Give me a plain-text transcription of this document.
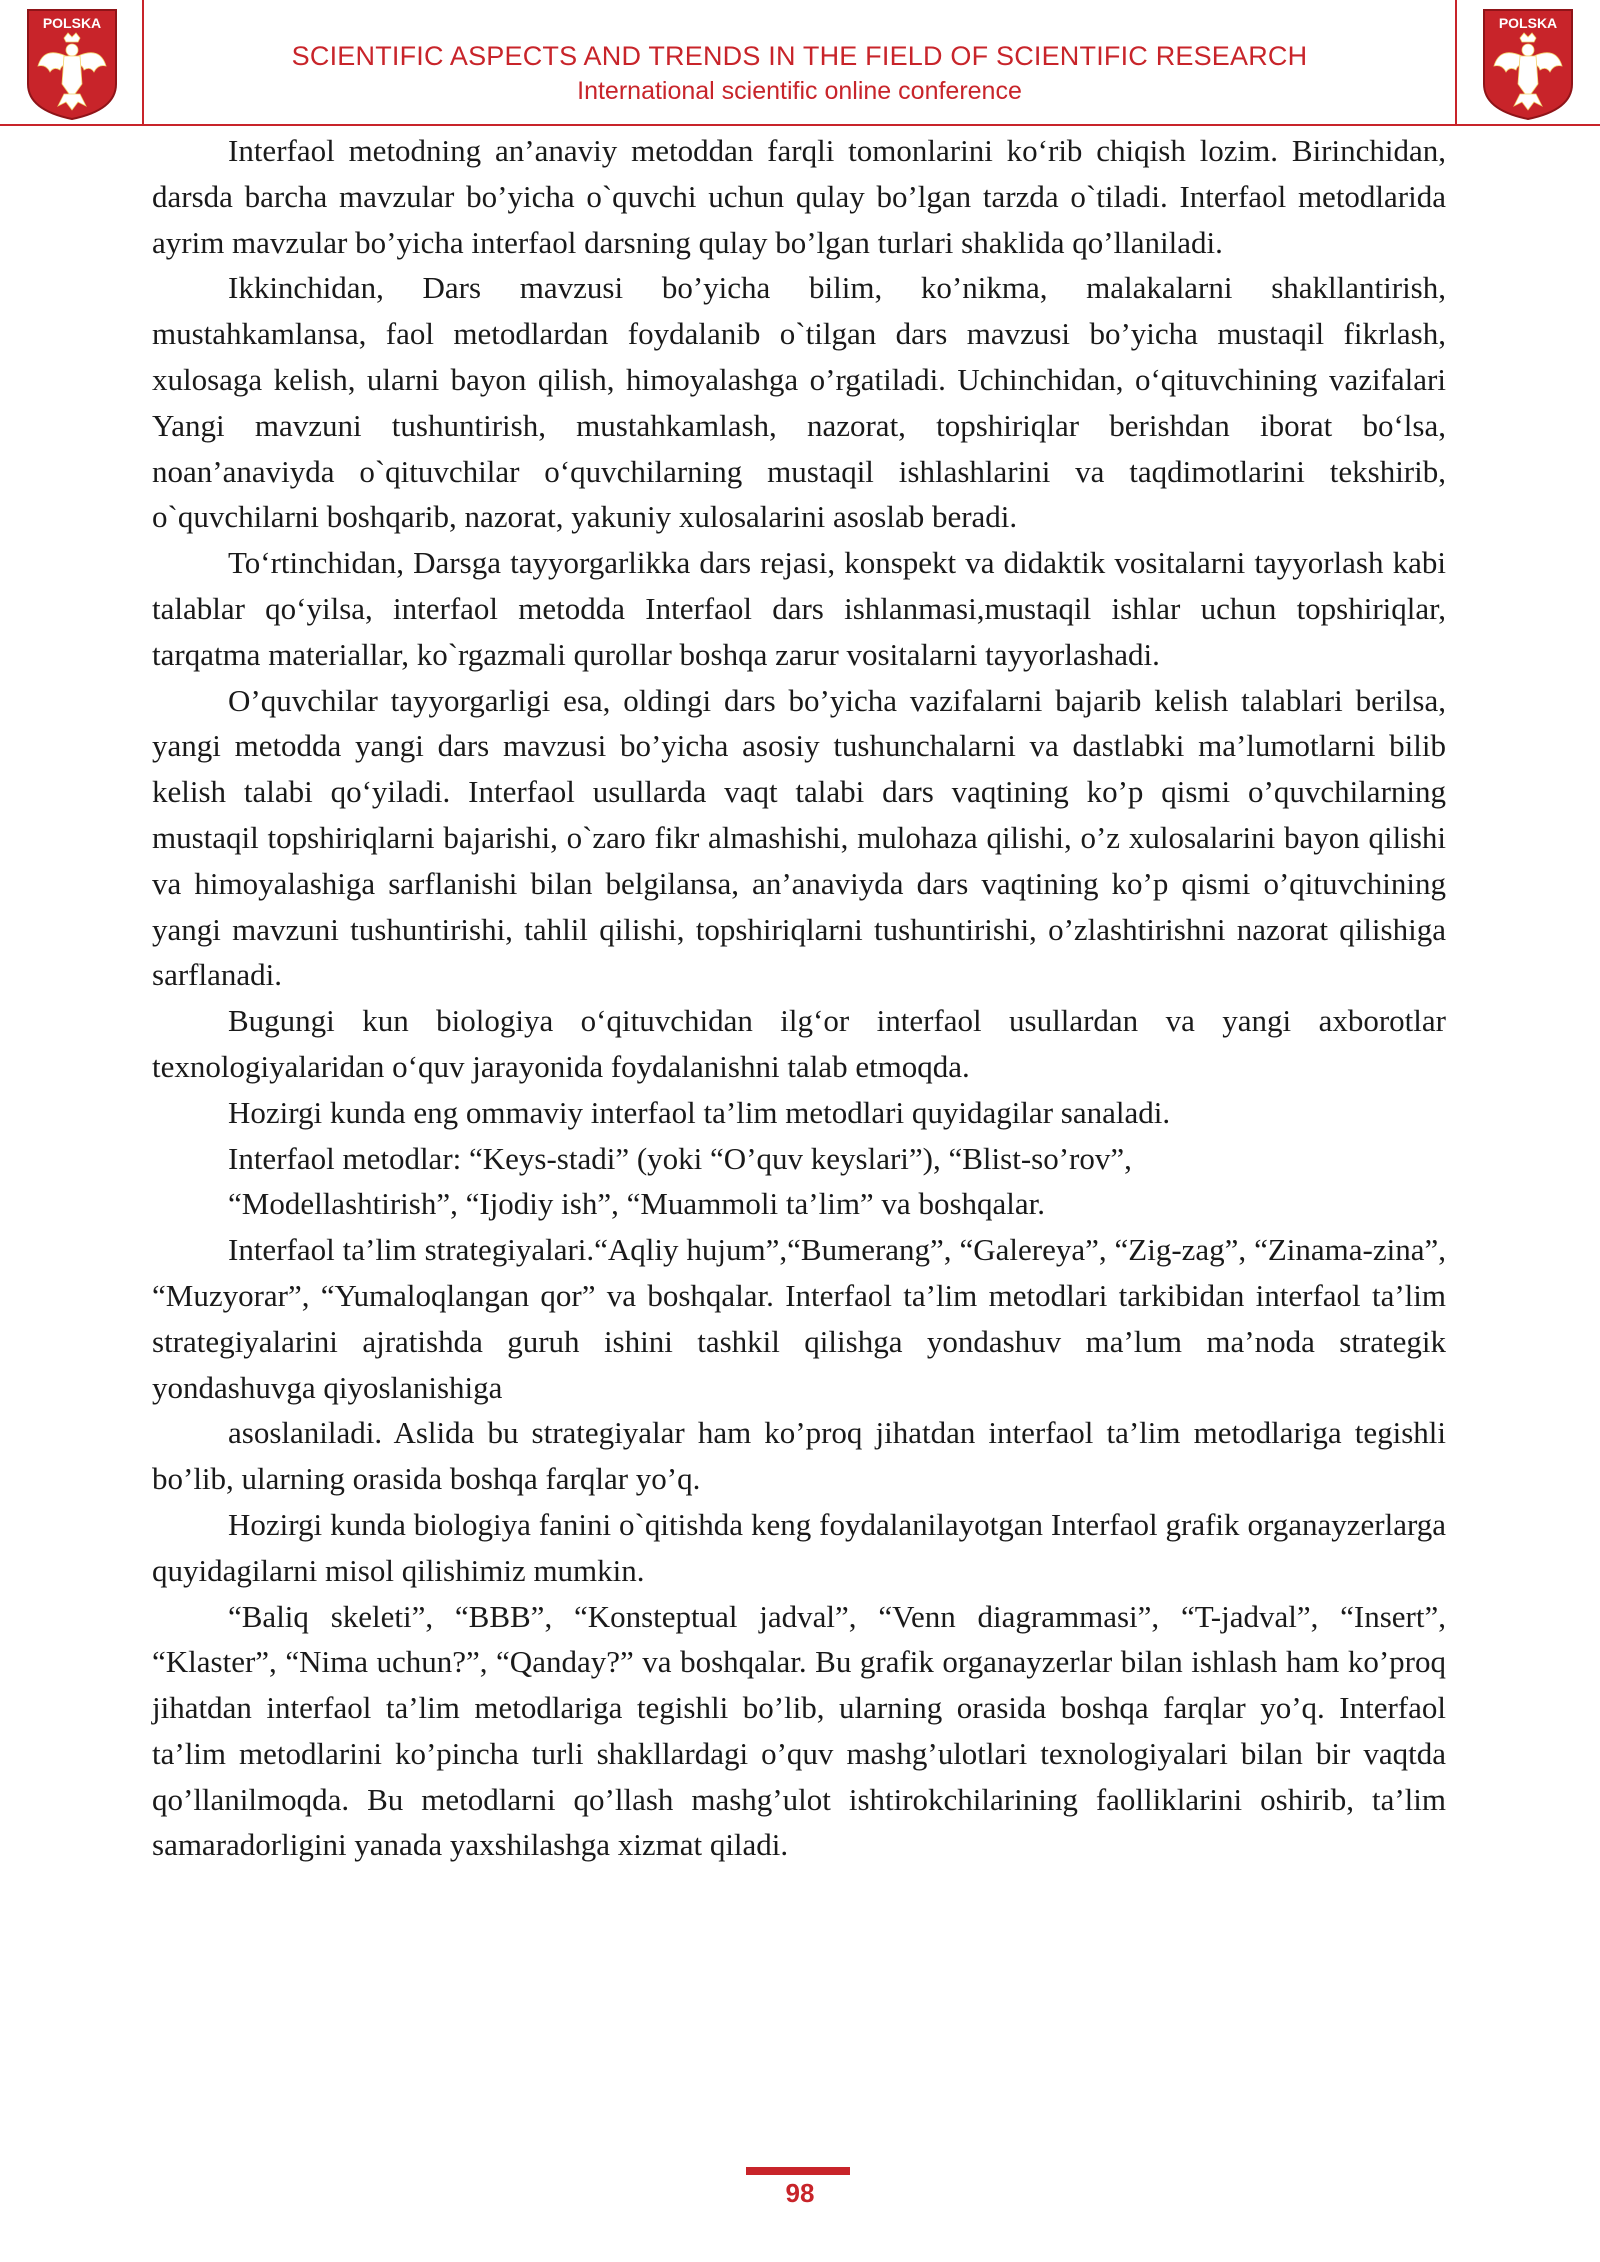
POLSKA
SCIENTIFIC ASPECTS AND TRENDS IN THE FIELD OF SCIENTIFIC RESEARCH
International scientific online conference
POLSKA

Interfaol metodning an’anaviy metoddan farqli tomonlarini ko‘rib chiqish lozim. Birinchidan, darsda barcha mavzular bo’yicha o`quvchi uchun qulay bo’lgan tarzda o`tiladi. Interfaol metodlarida ayrim mavzular bo’yicha interfaol darsning qulay bo’lgan turlari shaklida qo’llaniladi.

Ikkinchidan, Dars mavzusi bo’yicha bilim, ko’nikma, malakalarni shakllantirish, mustahkamlansa, faol metodlardan foydalanib o`tilgan dars mavzusi bo’yicha mustaqil fikrlash, xulosaga kelish, ularni bayon qilish, himoyalashga o’rgatiladi. Uchinchidan, o‘qituvchining vazifalari Yangi mavzuni tushuntirish, mustahkamlash, nazorat, topshiriqlar berishdan iborat bo‘lsa, noan’anaviyda o`qituvchilar o‘quvchilarning mustaqil ishlashlarini va taqdimotlarini tekshirib, o`quvchilarni boshqarib, nazorat, yakuniy xulosalarini asoslab beradi.

To‘rtinchidan, Darsga tayyorgarlikka dars rejasi, konspekt va didaktik vositalarni tayyorlash kabi talablar qo‘yilsa, interfaol metodda Interfaol dars ishlanmasi,mustaqil ishlar uchun topshiriqlar, tarqatma materiallar, ko`rgazmali qurollar boshqa zarur vositalarni tayyorlashadi.

O’quvchilar tayyorgarligi esa, oldingi dars bo’yicha vazifalarni bajarib kelish talablari berilsa, yangi metodda yangi dars mavzusi bo’yicha asosiy tushunchalarni va dastlabki ma’lumotlarni bilib kelish talabi qo‘yiladi. Interfaol usullarda vaqt talabi dars vaqtining ko’p qismi o’quvchilarning mustaqil topshiriqlarni bajarishi, o`zaro fikr almashishi, mulohaza qilishi, o’z xulosalarini bayon qilishi va himoyalashiga sarflanishi bilan belgilansa, an’anaviyda dars vaqtining ko’p qismi o’qituvchining yangi mavzuni tushuntirishi, tahlil qilishi, topshiriqlarni tushuntirishi, o’zlashtirishni nazorat qilishiga sarflanadi.

Bugungi kun biologiya o‘qituvchidan ilg‘or interfaol usullardan va yangi axborotlar texnologiyalaridan o‘quv jarayonida foydalanishni talab etmoqda.

Hozirgi kunda eng ommaviy interfaol ta’lim metodlari quyidagilar sanaladi.

Interfaol metodlar: “Keys-stadi” (yoki “O’quv keyslari”), “Blist-so’rov”,

“Modellashtirish”, “Ijodiy ish”, “Muammoli ta’lim” va boshqalar.

Interfaol ta’lim strategiyalari.“Aqliy hujum”,“Bumerang”, “Galereya”, “Zig-zag”, “Zinama-zina”, “Muzyorar”, “Yumaloqlangan qor” va boshqalar. Interfaol ta’lim metodlari tarkibidan interfaol ta’lim strategiyalarini ajratishda guruh ishini tashkil qilishga yondashuv ma’lum ma’noda strategik yondashuvga qiyoslanishiga

asoslaniladi. Aslida bu strategiyalar ham ko’proq jihatdan interfaol ta’lim metodlariga tegishli bo’lib, ularning orasida boshqa farqlar yo’q.

Hozirgi kunda biologiya fanini o`qitishda keng foydalanilayotgan Interfaol grafik organayzerlarga quyidagilarni misol qilishimiz mumkin.

“Baliq skeleti”, “BBB”, “Konsteptual jadval”, “Venn diagrammasi”, “T-jadval”, “Insert”, “Klaster”, “Nima uchun?”, “Qanday?” va boshqalar. Bu grafik organayzerlar bilan ishlash ham ko’proq jihatdan interfaol ta’lim metodlariga tegishli bo’lib, ularning orasida boshqa farqlar yo’q. Interfaol ta’lim metodlarini ko’pincha turli shakllardagi o’quv mashg’ulotlari texnologiyalari bilan bir vaqtda qo’llanilmoqda. Bu metodlarni qo’llash mashg’ulot ishtirokchilarining faolliklarini oshirib, ta’lim samaradorligini yanada yaxshilashga xizmat qiladi.

98
